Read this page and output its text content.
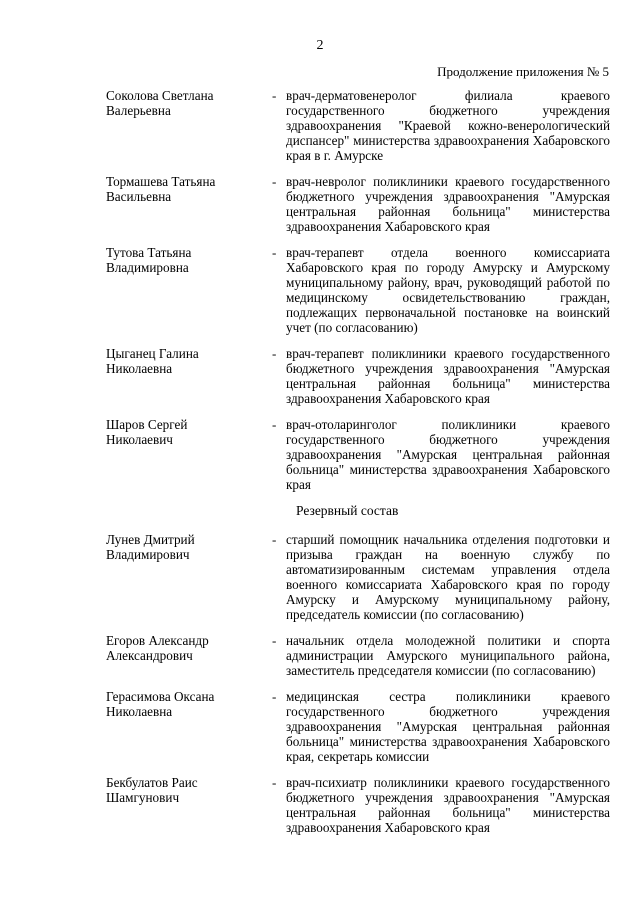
2
Продолжение приложения № 5
Соколова Светлана
Валерьевна
- врач-дерматовенеролог филиала краевого государственного бюджетного учреждения здравоохранения "Краевой кожно-венерологический диспансер" министерства здравоохранения Хабаровского края в г. Амурске
Тормашева Татьяна
Васильевна
- врач-невролог поликлиники краевого государственного бюджетного учреждения здравоохранения "Амурская центральная районная больница" министерства здравоохранения Хабаровского края
Тутова Татьяна
Владимировна
- врач-терапевт отдела военного комиссариата Хабаровского края по городу Амурску и Амурскому муниципальному району, врач, руководящий работой по медицинскому освидетельствованию граждан, подлежащих первоначальной постановке на воинский учет (по согласованию)
Цыганец Галина
Николаевна
- врач-терапевт поликлиники краевого государственного бюджетного учреждения здравоохранения "Амурская центральная районная больница" министерства здравоохранения Хабаровского края
Шаров Сергей
Николаевич
- врач-отоларинголог поликлиники краевого государственного бюджетного учреждения здравоохранения "Амурская центральная районная больница" министерства здравоохранения Хабаровского края
Резервный состав
Лунев Дмитрий
Владимирович
- старший помощник начальника отделения подготовки и призыва граждан на военную службу по автоматизированным системам управления отдела военного комиссариата Хабаровского края по городу Амурску и Амурскому муниципальному району, председатель комиссии (по согласованию)
Егоров Александр
Александрович
- начальник отдела молодежной политики и спорта администрации Амурского муниципального района, заместитель председателя комиссии (по согласованию)
Герасимова Оксана
Николаевна
- медицинская сестра поликлиники краевого государственного бюджетного учреждения здравоохранения "Амурская центральная районная больница" министерства здравоохранения Хабаровского края, секретарь комиссии
Бекбулатов Раис
Шамгунович
- врач-психиатр поликлиники краевого государственного бюджетного учреждения здравоохранения "Амурская центральная районная больница" министерства здравоохранения Хабаровского края
